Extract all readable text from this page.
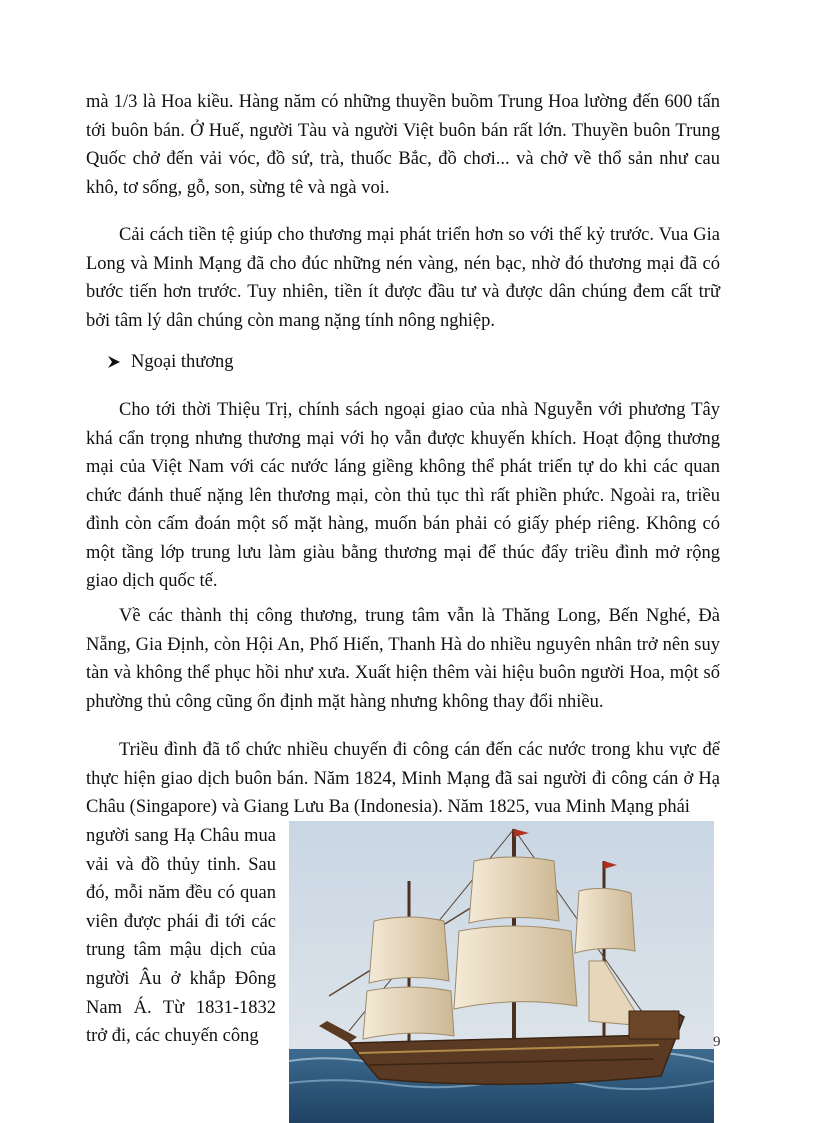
mà 1/3 là Hoa kiều. Hàng năm có những thuyền buồm Trung Hoa lường đến 600 tấn tới buôn bán. Ở Huế, người Tàu và người Việt buôn bán rất lớn. Thuyền buôn Trung Quốc chở đến vải vóc, đồ sứ, trà, thuốc Bắc, đồ chơi... và chở về thổ sản như cau khô, tơ sống, gỗ, son, sừng tê và ngà voi.

Cải cách tiền tệ giúp cho thương mại phát triển hơn so với thế kỷ trước. Vua Gia Long và Minh Mạng đã cho đúc những nén vàng, nén bạc, nhờ đó thương mại đã có bước tiến hơn trước. Tuy nhiên, tiền ít được đầu tư và được dân chúng đem cất trữ bởi tâm lý dân chúng còn mang nặng tính nông nghiệp.

Ngoại thương

Cho tới thời Thiệu Trị, chính sách ngoại giao của nhà Nguyễn với phương Tây khá cẩn trọng nhưng thương mại với họ vẫn được khuyến khích. Hoạt động thương mại của Việt Nam với các nước láng giềng không thể phát triển tự do khi các quan chức đánh thuế nặng lên thương mại, còn thủ tục thì rất phiền phức. Ngoài ra, triều đình còn cấm đoán một số mặt hàng, muốn bán phải có giấy phép riêng. Không có một tầng lớp trung lưu làm giàu bằng thương mại để thúc đẩy triều đình mở rộng giao dịch quốc tế.

Về các thành thị công thương, trung tâm vẫn là Thăng Long, Bến Nghé, Đà Nẵng, Gia Định, còn Hội An, Phố Hiến, Thanh Hà do nhiều nguyên nhân trở nên suy tàn và không thể phục hồi như xưa. Xuất hiện thêm vài hiệu buôn người Hoa, một số phường thủ công cũng ổn định mặt hàng nhưng không thay đổi nhiều.

Triều đình đã tổ chức nhiều chuyến đi công cán đến các nước trong khu vực để thực hiện giao dịch buôn bán. Năm 1824, Minh Mạng đã sai người đi công cán ở Hạ Châu (Singapore) và Giang Lưu Ba (Indonesia). Năm 1825, vua Minh Mạng phái

người sang Hạ Châu mua vải và đồ thủy tinh. Sau đó, mỗi năm đều có quan viên được phái đi tới các trung tâm mậu dịch của người Âu ở khắp Đông Nam Á. Từ 1831-1832 trở đi, các chuyến công	9
